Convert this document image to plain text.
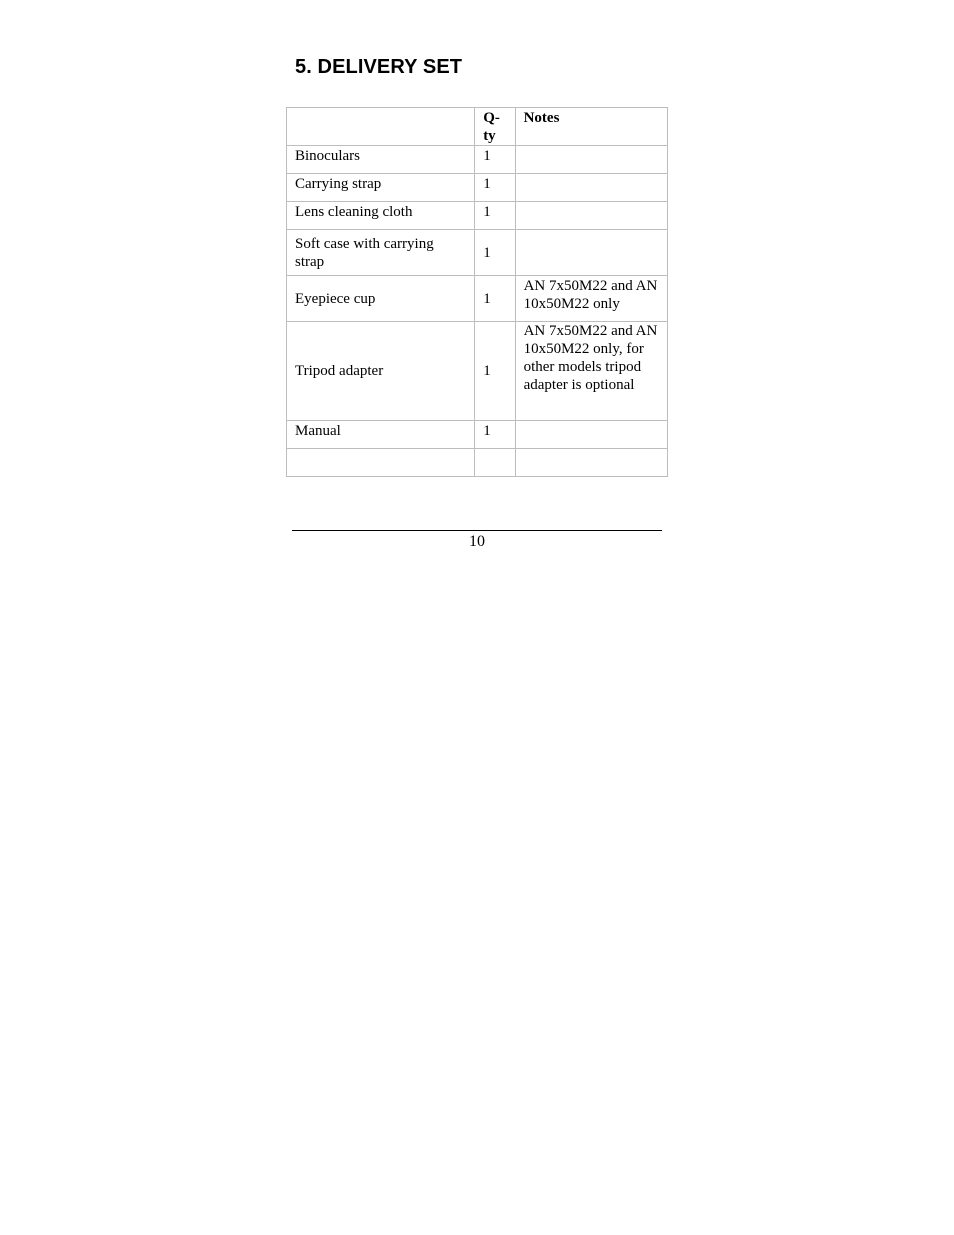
5. DELIVERY SET
	Q-ty	Notes
Binoculars	1	
Carrying strap	1	
Lens cleaning cloth	1	
Soft case with carrying strap	1	
Eyepiece cup	1	AN 7x50M22 and AN 10x50M22 only
Tripod adapter	1	AN 7x50M22 and AN 10x50M22 only, for other models tripod adapter is optional
Manual	1	

10
